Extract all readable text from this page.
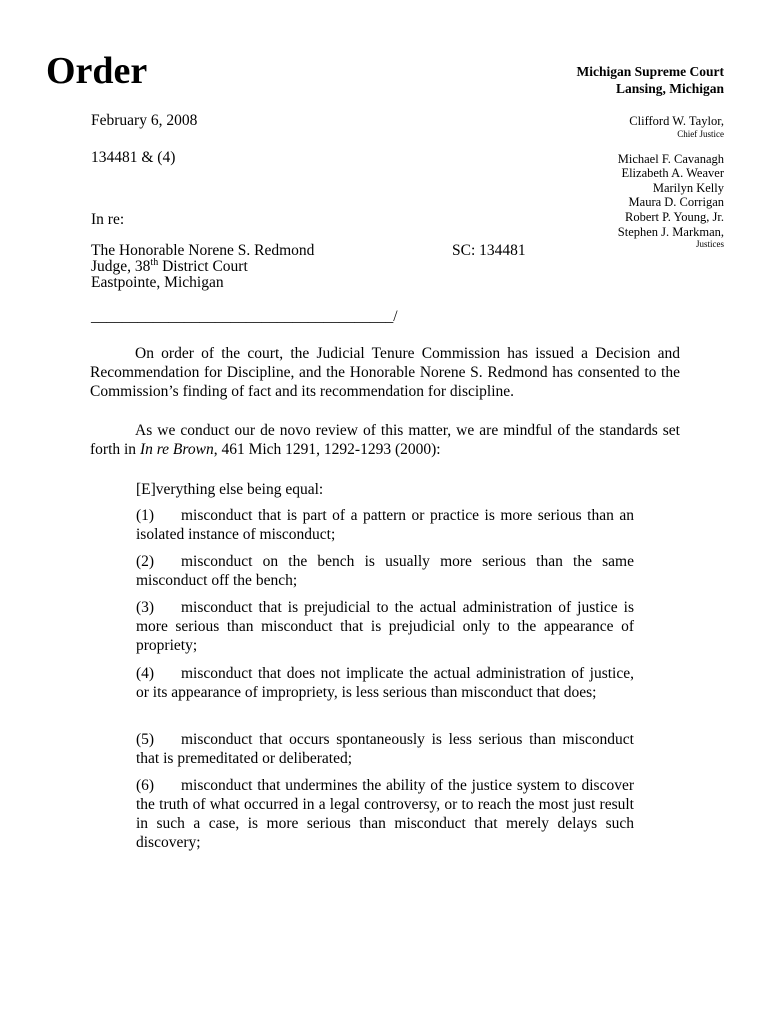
Order	Michigan Supreme Court
Lansing, Michigan
Clifford W. Taylor,
Chief Justice
Michael F. Cavanagh
Elizabeth A. Weaver
Marilyn Kelly
Maura D. Corrigan
Robert P. Young, Jr.
Stephen J. Markman,
Justices
February 6, 2008
134481 & (4)
In re:
The Honorable Norene S. Redmond
Judge, 38th District Court
Eastpointe, Michigan
SC: 134481
_______________________________________/
On order of the court, the Judicial Tenure Commission has issued a Decision and Recommendation for Discipline, and the Honorable Norene S. Redmond has consented to the Commission’s finding of fact and its recommendation for discipline.
As we conduct our de novo review of this matter, we are mindful of the standards set forth in In re Brown, 461 Mich 1291, 1292-1293 (2000):
[E]verything else being equal:
(1) misconduct that is part of a pattern or practice is more serious than an isolated instance of misconduct;
(2) misconduct on the bench is usually more serious than the same misconduct off the bench;
(3) misconduct that is prejudicial to the actual administration of justice is more serious than misconduct that is prejudicial only to the appearance of propriety;
(4) misconduct that does not implicate the actual administration of justice, or its appearance of impropriety, is less serious than misconduct that does;
(5) misconduct that occurs spontaneously is less serious than misconduct that is premeditated or deliberated;
(6) misconduct that undermines the ability of the justice system to discover the truth of what occurred in a legal controversy, or to reach the most just result in such a case, is more serious than misconduct that merely delays such discovery;
